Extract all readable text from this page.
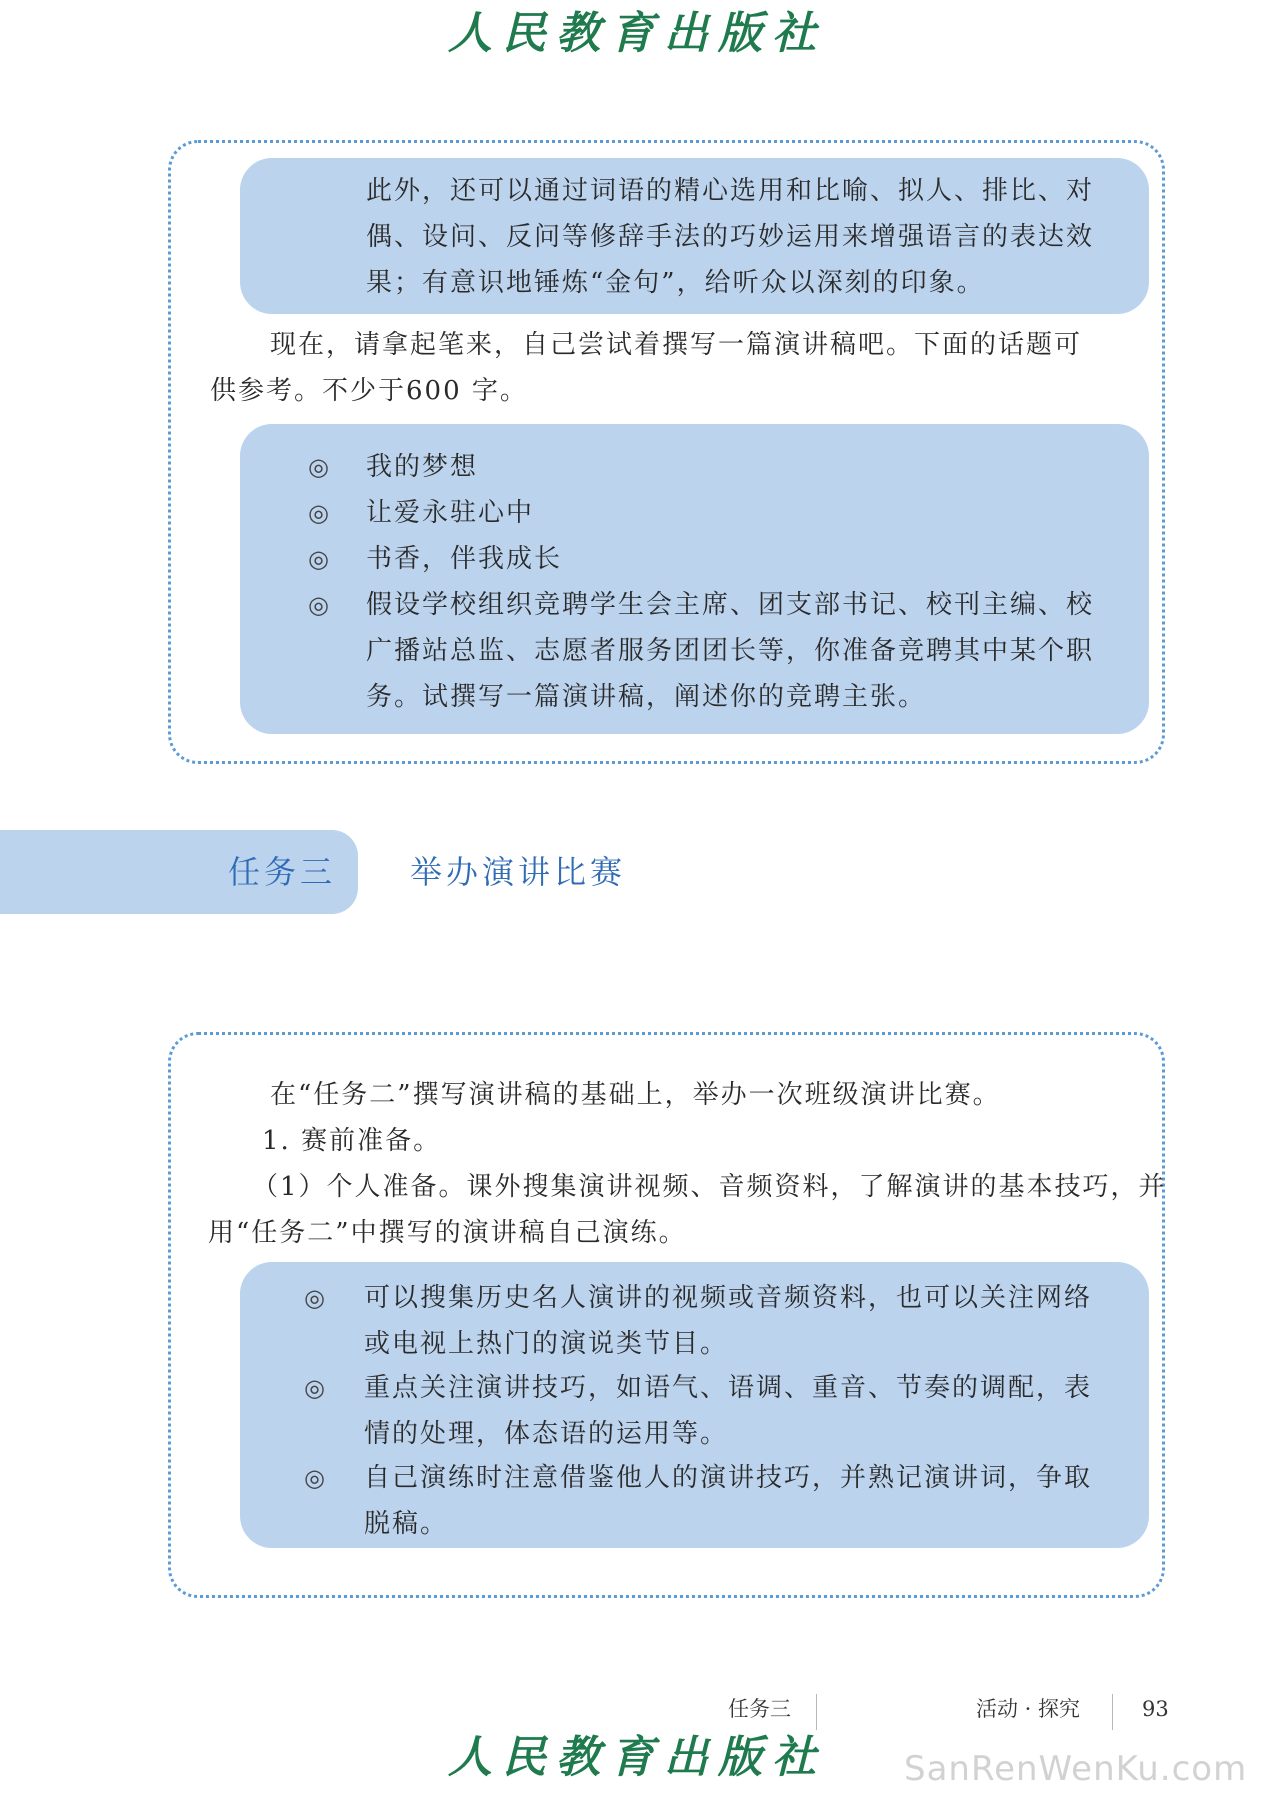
人民教育出版社
此外，还可以通过词语的精心选用和比喻、拟人、排比、对
偶、设问、反问等修辞手法的巧妙运用来增强语言的表达效
果；有意识地锤炼“金句”，给听众以深刻的印象。
现在，请拿起笔来，自己尝试着撰写一篇演讲稿吧。下面的话题可
供参考。不少于600 字。
◎ 我的梦想
◎ 让爱永驻心中
◎ 书香，伴我成长
◎ 假设学校组织竞聘学生会主席、团支部书记、校刊主编、校
广播站总监、志愿者服务团团长等，你准备竞聘其中某个职
务。试撰写一篇演讲稿，阐述你的竞聘主张。
任务三 举办演讲比赛
在“任务二”撰写演讲稿的基础上，举办一次班级演讲比赛。
1. 赛前准备。
（1）个人准备。课外搜集演讲视频、音频资料，了解演讲的基本技巧，并
用“任务二”中撰写的演讲稿自己演练。
◎ 可以搜集历史名人演讲的视频或音频资料，也可以关注网络
或电视上热门的演说类节目。
◎ 重点关注演讲技巧，如语气、语调、重音、节奏的调配，表
情的处理，体态语的运用等。
◎ 自己演练时注意借鉴他人的演讲技巧，并熟记演讲词，争取
脱稿。
任务三	活动 · 探究	93
人民教育出版社	SanRenWenKu.com
